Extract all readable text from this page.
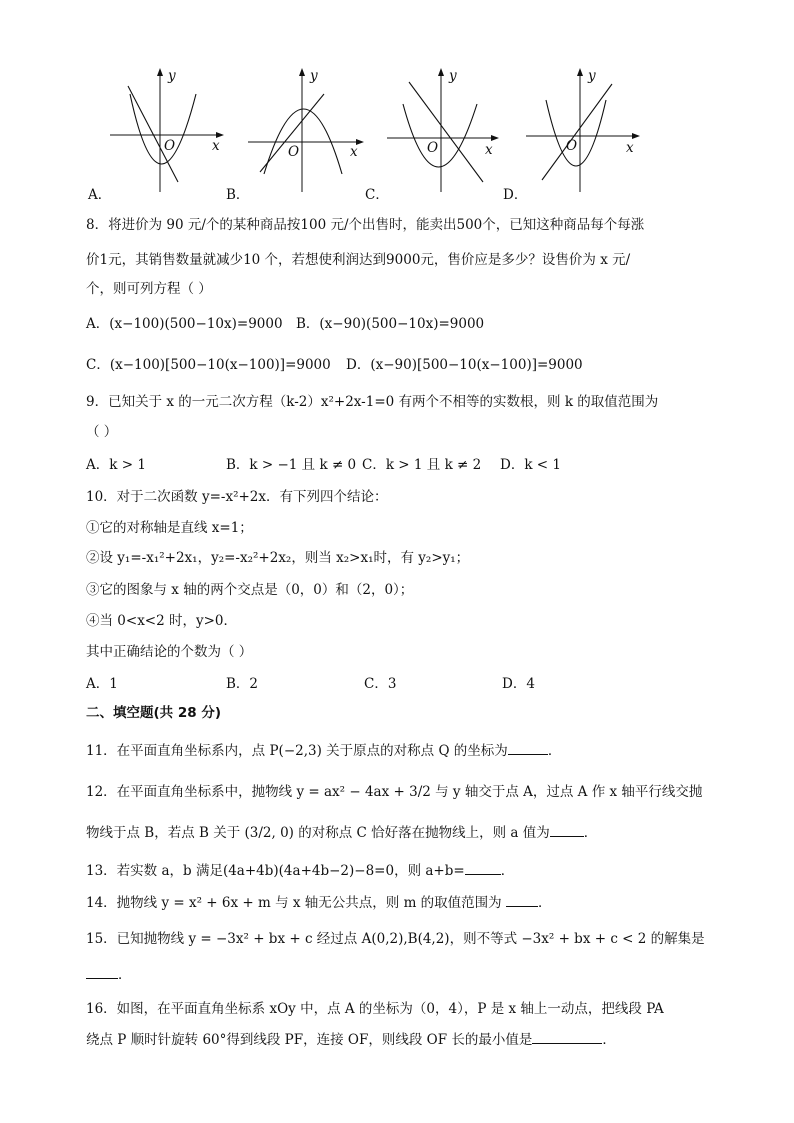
y
O	x
y
O	x
y
O	x
y
O	x
A．	B．	C．	D．
8．将进价为 90 元/个的某种商品按100 元/个出售时，能卖出500个，已知这种商品每个每涨
价1元，其销售数量就减少10 个，若想使利润达到9000元，售价应是多少？设售价为 x 元/
个，则可列方程（ ）
A．(x−100)(500−10x)=9000 B．(x−90)(500−10x)=9000
C．(x−100)[500−10(x−100)]=9000 D．(x−90)[500−10(x−100)]=9000
9．已知关于 x 的一元二次方程（k-2）x²+2x-1=0 有两个不相等的实数根，则 k 的取值范围为
（ ）
A．k > 1	B．k > −1 且 k ≠ 0 C．k > 1 且 k ≠ 2 D．k < 1
10．对于二次函数 y=-x²+2x．有下列四个结论：
①它的对称轴是直线 x=1；
②设 y₁=-x₁²+2x₁，y₂=-x₂²+2x₂，则当 x₂>x₁时，有 y₂>y₁；
③它的图象与 x 轴的两个交点是（0，0）和（2，0）；
④当 0<x<2 时，y>0．
其中正确结论的个数为（ ）
A．1	B．2	C．3	D．4
二、填空题(共 28 分)
11．在平面直角坐标系内，点 P(−2,3) 关于原点的对称点 Q 的坐标为	．
12．在平面直角坐标系中，抛物线 y = ax² − 4ax + 3/2 与 y 轴交于点 A，过点 A 作 x 轴平行线交抛
物线于点 B，若点 B 关于 (3/2, 0) 的对称点 C 恰好落在抛物线上，则 a 值为	．
13．若实数 a，b 满足(4a+4b)(4a+4b−2)−8=0，则 a+b=	．
14．抛物线 y = x² + 6x + m 与 x 轴无公共点，则 m 的取值范围为 ．
15．已知抛物线 y = −3x² + bx + c 经过点 A(0,2),B(4,2)，则不等式 −3x² + bx + c < 2 的解集是
．
16．如图，在平面直角坐标系 xOy 中，点 A 的坐标为（0，4），P 是 x 轴上一动点，把线段 PA
绕点 P 顺时针旋转 60°得到线段 PF，连接 OF，则线段 OF 长的最小值是	．
